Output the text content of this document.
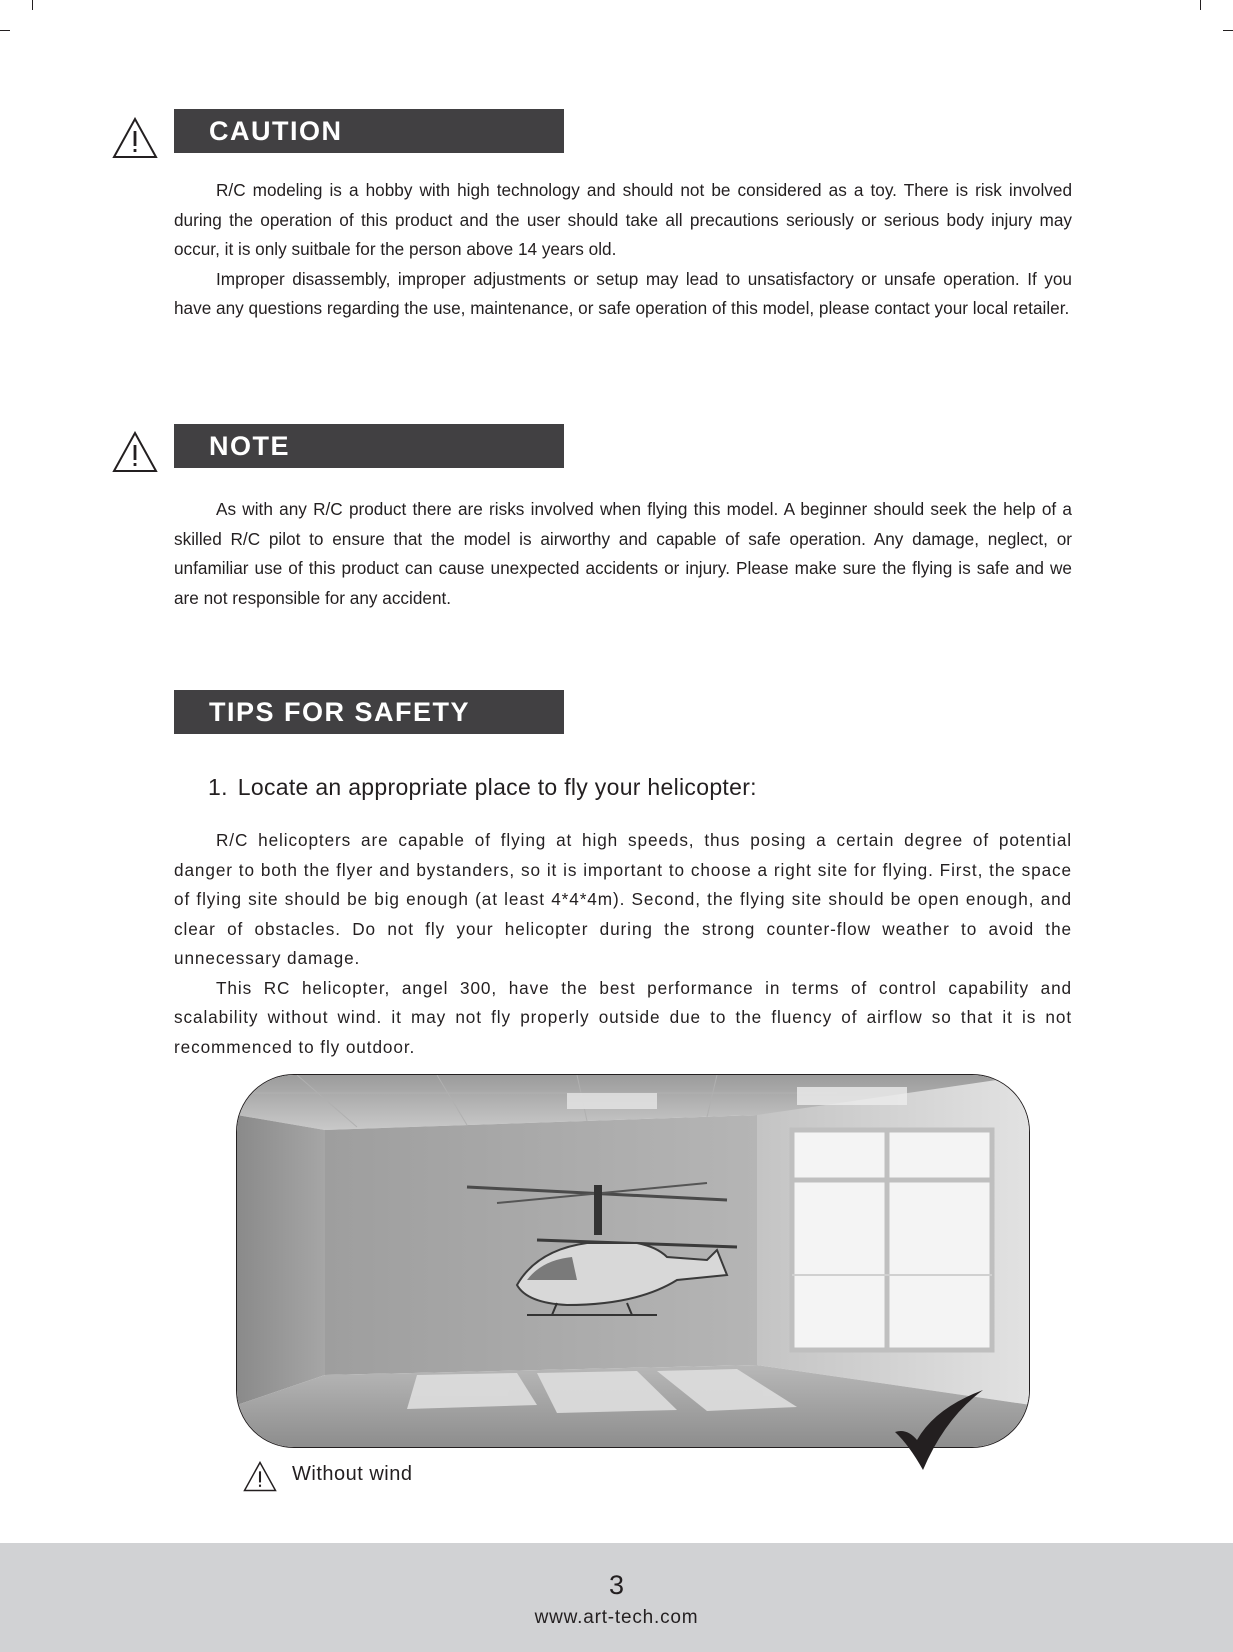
CAUTION

R/C modeling is a hobby with high technology and should not be considered as a toy. There is risk involved during the operation of this product and the user should take all precautions seriously or serious body injury may occur, it is only suitbale for the person above 14 years old.

Improper disassembly, improper adjustments or setup may lead to unsatisfactory or unsafe operation. If you have any questions regarding the use, maintenance, or safe operation of this model, please contact your local retailer.

NOTE

As with any R/C product there are risks involved when flying this model. A beginner should seek the help of a skilled R/C pilot to ensure that the model is airworthy and capable of safe operation. Any damage, neglect, or unfamiliar use of this product can cause unexpected accidents or injury. Please make sure the flying is safe and we are not responsible for any accident.

TIPS FOR SAFETY
1. Locate an appropriate place to fly your helicopter:

R/C helicopters are capable of flying at high speeds, thus posing a certain degree of potential danger to both the flyer and bystanders, so it is important to choose a right site for flying. First, the space of flying site should be big enough (at least 4*4*4m). Second, the flying site should be open enough, and clear of obstacles. Do not fly your helicopter during the strong counter-flow weather to avoid the unnecessary damage.

This RC helicopter, angel 300, have the best performance in terms of control capability and scalability without wind. it may not fly properly outside due to the fluency of airflow so that it is not recommenced to fly outdoor.

Without wind
3
www.art-tech.com
